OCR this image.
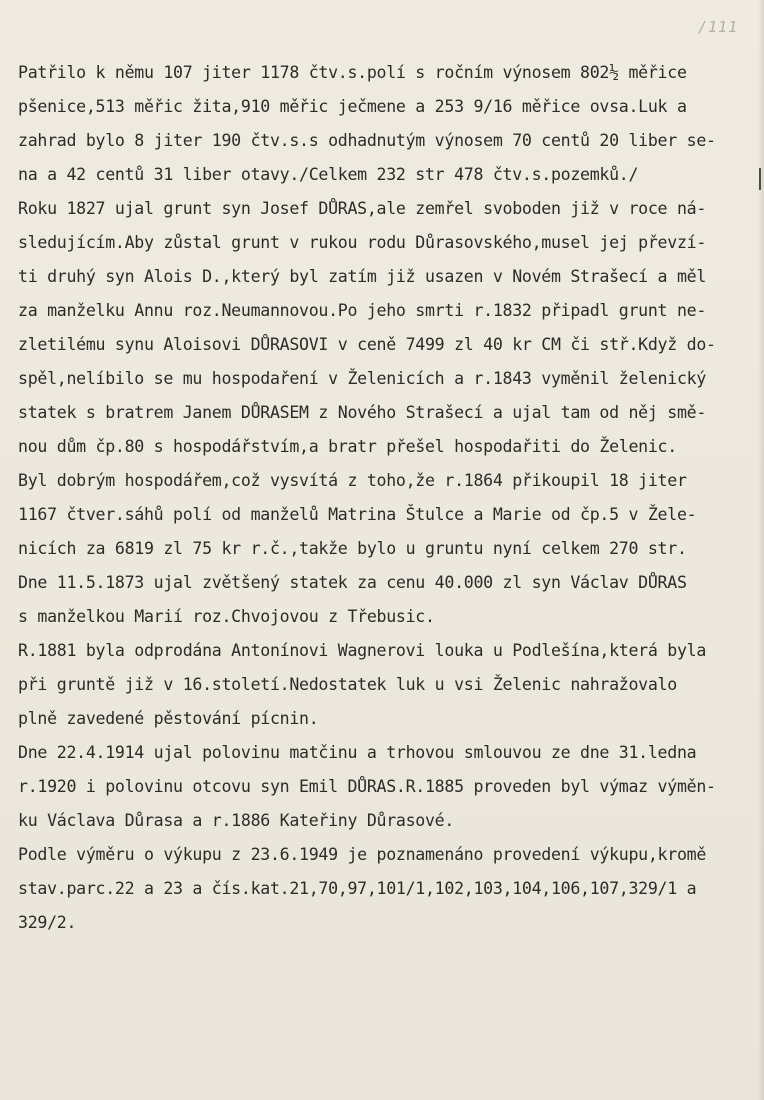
/111
Patřilo k němu 107 jiter 1178 čtv.s.polí s ročním výnosem 802½ měřice
pšenice,513 měřic žita,910 měřic ječmene a 253 9/16 měřice ovsa.Luk a
zahrad bylo 8 jiter 190 čtv.s.s odhadnutým výnosem 70 centů 20 liber se-
na a 42 centů 31 liber otavy./Celkem 232 str 478 čtv.s.pozemků./
Roku 1827 ujal grunt syn Josef DŮRAS,ale zemřel svoboden již v roce ná-
sledujícím.Aby zůstal grunt v rukou rodu Důrasovského,musel jej převzí-
ti druhý syn Alois D.,který byl zatím již usazen v Novém Strašecí a měl
za manželku Annu roz.Neumannovou.Po jeho smrti r.1832 připadl grunt ne-
zletilému synu Aloisovi DŮRASOVI v ceně 7499 zl 40 kr CM či stř.Když do-
spěl,nelíbilo se mu hospodaření v Želenicích a r.1843 vyměnil želenický
statek s bratrem Janem DŮRASEM z Nového Strašecí a ujal tam od něj smě-
nou dům čp.80 s hospodářstvím,a bratr přešel hospodařiti do Želenic.
Byl dobrým hospodářem,což vysvítá z toho,že r.1864 přikoupil 18 jiter
1167 čtver.sáhů polí od manželů Matrina Štulce a Marie od čp.5 v Žele-
nicích za 6819 zl 75 kr r.č.,takže bylo u gruntu nyní celkem 270 str.
Dne 11.5.1873 ujal zvětšený statek za cenu 40.000 zl syn Václav DŮRAS
s manželkou Marií roz.Chvojovou z Třebusic.
R.1881 byla odprodána Antonínovi Wagnerovi louka u Podlešína,která byla
při gruntě již v 16.století.Nedostatek luk u vsi Želenic nahražovalo
plně zavedené pěstování pícnin.
Dne 22.4.1914 ujal polovinu matčinu a trhovou smlouvou ze dne 31.ledna
r.1920 i polovinu otcovu syn Emil DŮRAS.R.1885 proveden byl výmaz výměn-
ku Václava Důrasa a r.1886 Kateřiny Důrasové.
Podle výměru o výkupu z 23.6.1949 je poznamenáno provedení výkupu,kromě
stav.parc.22 a 23 a čís.kat.21,70,97,101/1,102,103,104,106,107,329/1 a
329/2.
